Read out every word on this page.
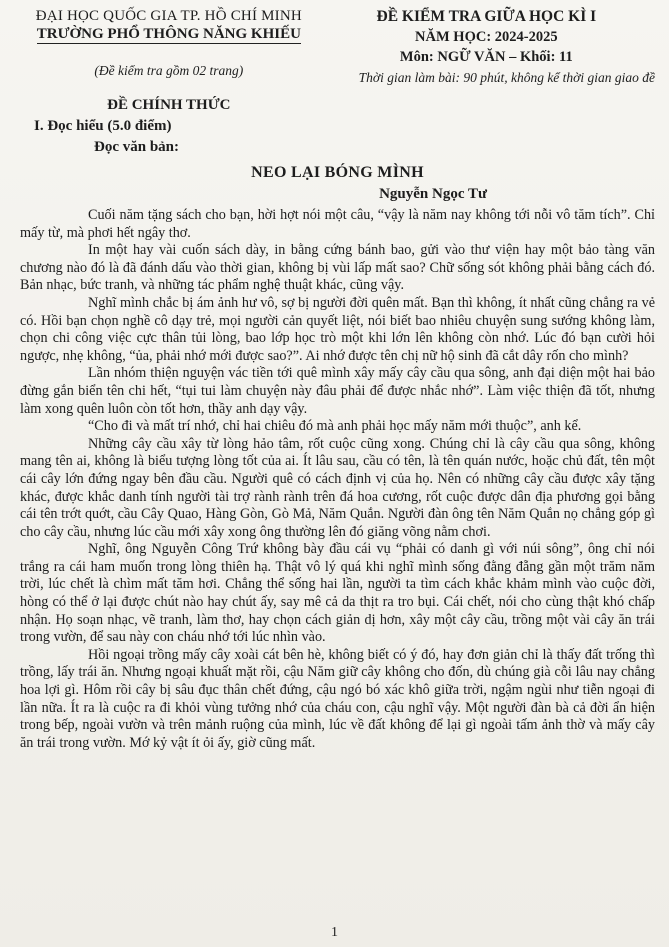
ĐẠI HỌC QUỐC GIA TP. HỒ CHÍ MINH
TRƯỜNG PHỔ THÔNG NĂNG KHIẾU
(Đề kiểm tra gồm 02 trang)
ĐỀ CHÍNH THỨC
ĐỀ KIỂM TRA GIỮA HỌC KÌ I
NĂM HỌC: 2024-2025
Môn: NGỮ VĂN – Khối: 11
Thời gian làm bài: 90 phút, không kể thời gian giao đề
I. Đọc hiểu (5.0 điểm)
Đọc văn bản:
NEO LẠI BÓNG MÌNH
Nguyễn Ngọc Tư

Cuối năm tặng sách cho bạn, hời hợt nói một câu, “vậy là năm nay không tới nỗi vô tăm tích”. Chỉ mấy từ, mà phơi hết ngây thơ.

In một hay vài cuốn sách dày, in bằng cứng bánh bao, gửi vào thư viện hay một bảo tàng văn chương nào đó là đã đánh dấu vào thời gian, không bị vùi lấp mất sao? Chữ sống sót không phải bằng cách đó. Bản nhạc, bức tranh, và những tác phẩm nghệ thuật khác, cũng vậy.

Nghĩ mình chắc bị ám ảnh hư vô, sợ bị người đời quên mất. Bạn thì không, ít nhất cũng chẳng ra vẻ có. Hồi bạn chọn nghề cô dạy trẻ, mọi người cản quyết liệt, nói biết bao nhiêu chuyện sung sướng không làm, chọn chi công việc cực thân tủi lòng, bao lớp học trò một khi lớn lên không còn nhớ. Lúc đó bạn cười hỏi ngược, nhẹ không, “ủa, phải nhớ mới được sao?”. Ai nhớ được tên chị nữ hộ sinh đã cắt dây rốn cho mình?

Lần nhóm thiện nguyện vác tiền tới quê mình xây mấy cây cầu qua sông, anh đại diện một hai bảo đừng gắn biển tên chi hết, “tụi tui làm chuyện này đâu phải để được nhắc nhớ”. Làm việc thiện đã tốt, nhưng làm xong quên luôn còn tốt hơn, thầy anh dạy vậy.

“Cho đi và mất trí nhớ, chỉ hai chiêu đó mà anh phải học mấy năm mới thuộc”, anh kể.

Những cây cầu xây từ lòng hảo tâm, rốt cuộc cũng xong. Chúng chỉ là cây cầu qua sông, không mang tên ai, không là biểu tượng lòng tốt của ai. Ít lâu sau, cầu có tên, là tên quán nước, hoặc chủ đất, tên một cái cây lớn đứng ngay bên đầu cầu. Người quê có cách định vị của họ. Nên có những cây cầu được xây tặng khác, được khắc danh tính người tài trợ rành rành trên đá hoa cương, rốt cuộc được dân địa phương gọi bằng cái tên trớt quớt, cầu Cây Quao, Hàng Gòn, Gò Mả, Năm Quắn. Người đàn ông tên Năm Quắn nọ chẳng góp gì cho cây cầu, nhưng lúc cầu mới xây xong ông thường lên đó giăng võng nằm chơi.

Nghĩ, ông Nguyễn Công Trứ không bày đầu cái vụ “phải có danh gì với núi sông”, ông chỉ nói trắng ra cái ham muốn trong lòng thiên hạ. Thật vô lý quá khi nghĩ mình sống đằng đẵng gần một trăm năm trời, lúc chết là chìm mất tăm hơi. Chẳng thể sống hai lần, người ta tìm cách khắc khảm mình vào cuộc đời, hòng có thể ở lại được chút nào hay chút ấy, say mê cả da thịt ra tro bụi. Cái chết, nói cho cùng thật khó chấp nhận. Họ soạn nhạc, vẽ tranh, làm thơ, hay chọn cách giản dị hơn, xây một cây cầu, trồng một vài cây ăn trái trong vườn, để sau này con cháu nhớ tới lúc nhìn vào.

Hồi ngoại trồng mấy cây xoài cát bên hè, không biết có ý đó, hay đơn giản chỉ là thấy đất trống thì trồng, lấy trái ăn. Nhưng ngoại khuất mặt rồi, cậu Năm giữ cây không cho đốn, dù chúng già cỗi lâu nay chẳng hoa lợi gì. Hôm rồi cây bị sâu đục thân chết đứng, cậu ngó bó xác khô giữa trời, ngậm ngùi như tiễn ngoại đi lần nữa. Ít ra là cuộc ra đi khỏi vùng tưởng nhớ của cháu con, cậu nghĩ vậy. Một người đàn bà cả đời ẩn hiện trong bếp, ngoài vườn và trên mảnh ruộng của mình, lúc về đất không để lại gì ngoài tấm ảnh thờ và mấy cây ăn trái trong vườn. Mớ kỷ vật ít ỏi ấy, giờ cũng mất.

1
